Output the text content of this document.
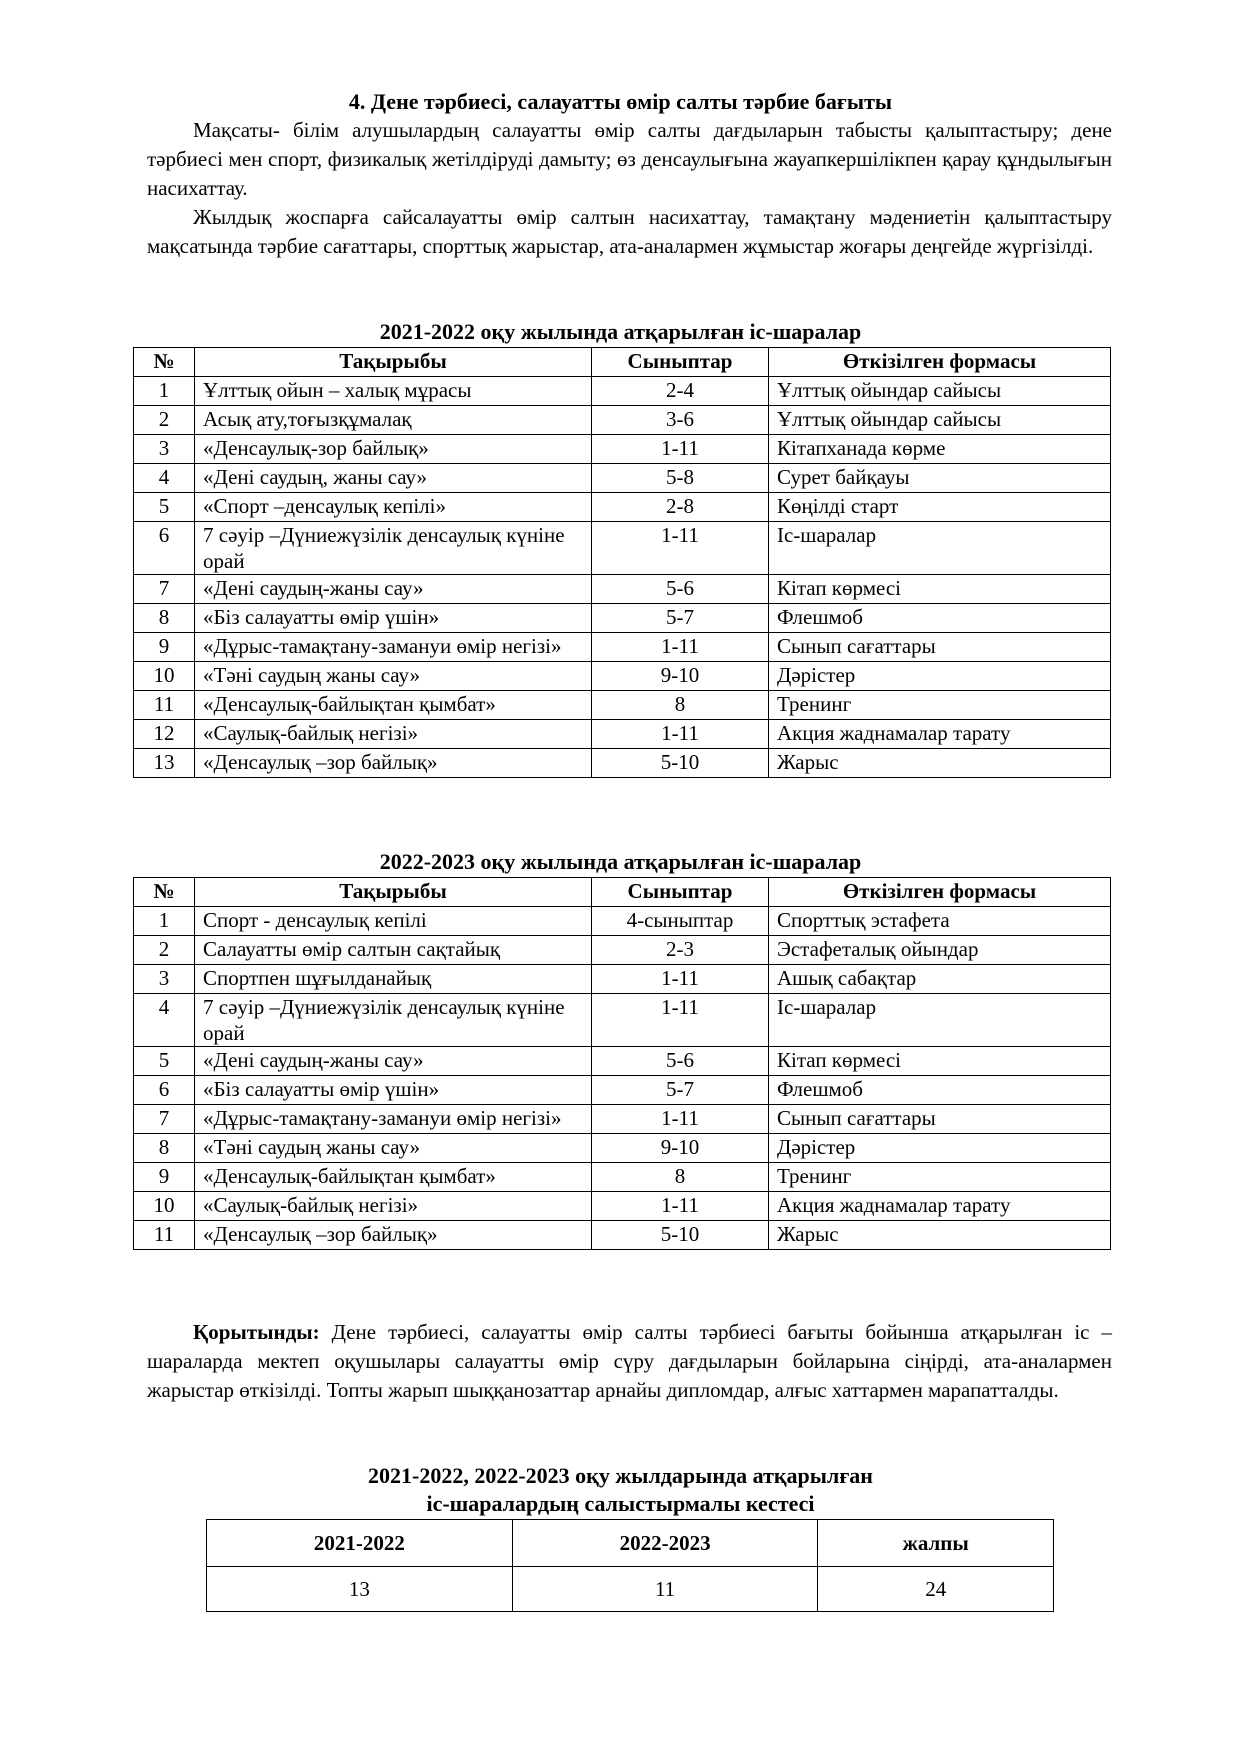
4. Дене тәрбиесі, салауатты өмір салты тәрбие бағыты

Мақсаты- білім алушылардың салауатты өмір салты дағдыларын табысты қалыптастыру; дене тәрбиесі мен спорт, физикалық жетілдіруді дамыту; өз денсаулығына жауапкершілікпен қарау құндылығын насихаттау.

Жылдық жоспарға сайсалауатты өмір салтын насихаттау, тамақтану мәдениетін қалыптастыру мақсатында тәрбие сағаттары, спорттық жарыстар, ата-аналармен жұмыстар жоғары деңгейде жүргізілді.

2021-2022 оқу жылында атқарылған іс-шаралар
№	Тақырыбы	Сыныптар	Өткізілген формасы
1	Ұлттық ойын – халық мұрасы	2-4	Ұлттық ойындар сайысы
2	Асық ату,тоғызқұмалақ	3-6	Ұлттық ойындар сайысы
3	«Денсаулық-зор байлық»	1-11	Кітапханада көрме
4	«Дені саудың, жаны сау»	5-8	Сурет байқауы
5	«Спорт –денсаулық кепілі»	2-8	Көңілді старт
6	7 сәуір –Дүниежүзілік денсаулық күніне орай	1-11	Іс-шаралар
7	«Дені саудың-жаны сау»	5-6	Кітап көрмесі
8	«Біз салауатты өмір үшін»	5-7	Флешмоб
9	«Дұрыс-тамақтану-замануи өмір негізі»	1-11	Сынып сағаттары
10	«Тәні саудың жаны сау»	9-10	Дәрістер
11	«Денсаулық-байлықтан қымбат»	8	Тренинг
12	«Саулық-байлық негізі»	1-11	Акция жаднамалар тарату
13	«Денсаулық –зор байлық»	5-10	Жарыс
2022-2023 оқу жылында атқарылған іс-шаралар
№	Тақырыбы	Сыныптар	Өткізілген формасы
1	Спорт - денсаулық кепілі	4-сыныптар	Спорттық эстафета
2	Салауатты өмір салтын сақтайық	2-3	Эстафеталық ойындар
3	Спортпен шұғылданайық	1-11	Ашық сабақтар
4	7 сәуір –Дүниежүзілік денсаулық күніне орай	1-11	Іс-шаралар
5	«Дені саудың-жаны сау»	5-6	Кітап көрмесі
6	«Біз салауатты өмір үшін»	5-7	Флешмоб
7	«Дұрыс-тамақтану-замануи өмір негізі»	1-11	Сынып сағаттары
8	«Тәні саудың жаны сау»	9-10	Дәрістер
9	«Денсаулық-байлықтан қымбат»	8	Тренинг
10	«Саулық-байлық негізі»	1-11	Акция жаднамалар тарату
11	«Денсаулық –зор байлық»	5-10	Жарыс

Қорытынды: Дене тәрбиесі, салауатты өмір салты тәрбиесі бағыты бойынша атқарылған іс –шараларда мектеп оқушылары салауатты өмір сүру дағдыларын бойларына сіңірді, ата-аналармен жарыстар өткізілді. Топты жарып шыққанозаттар арнайы дипломдар, алғыс хаттармен марапатталды.

2021-2022, 2022-2023 оқу жылдарында атқарылған
іс-шаралардың салыстырмалы кестесі
2021-2022	2022-2023	жалпы
13	11	24
